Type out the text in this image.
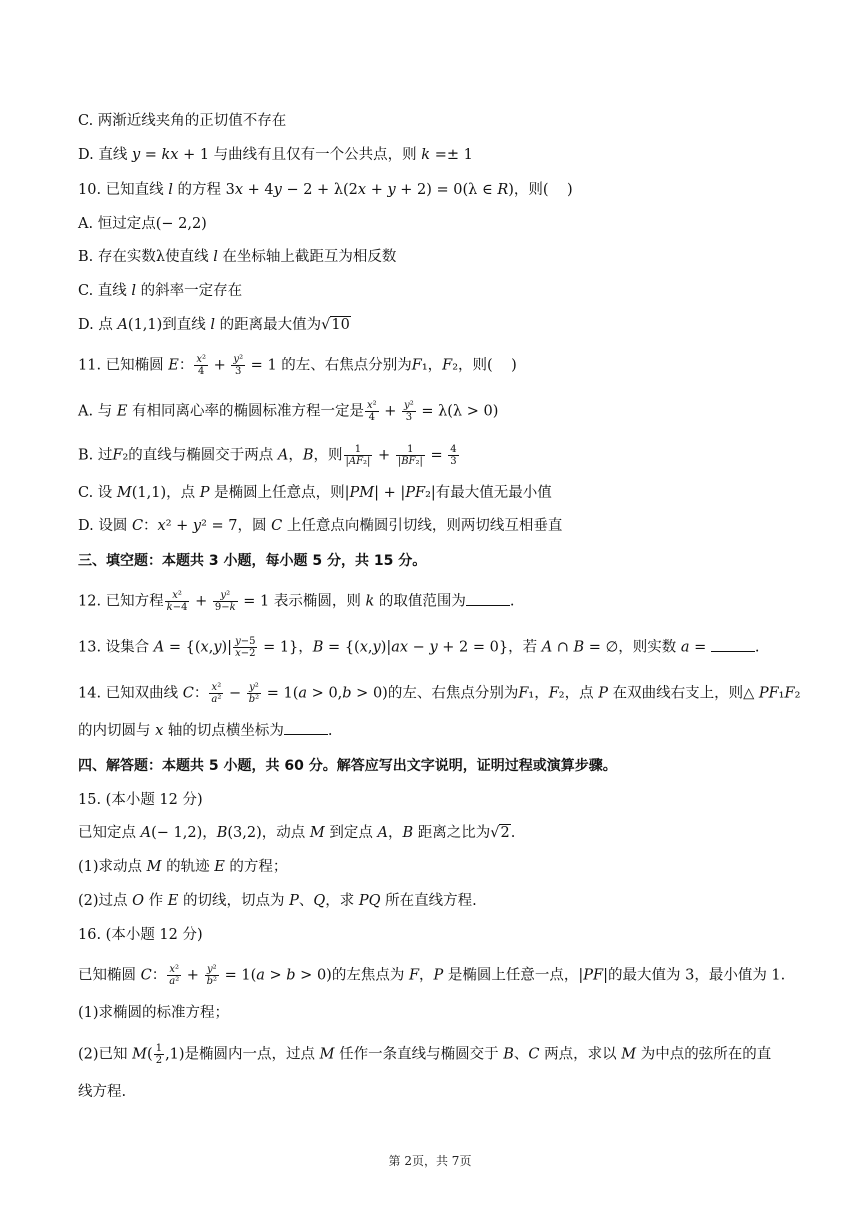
C. 两渐近线夹角的正切值不存在
D. 直线 y = kx + 1 与曲线有且仅有一个公共点，则 k =± 1
10. 已知直线 l 的方程 3x + 4y − 2 + λ(2x + y + 2) = 0(λ ∈ R)，则(    )
A. 恒过定点(− 2,2)
B. 存在实数λ使直线 l 在坐标轴上截距互为相反数
C. 直线 l 的斜率一定存在
D. 点 A(1,1)到直线 l 的距离最大值为√10
11. 已知椭圆 E： $\frac{\text{x²}}{4} + \frac{\text{y²}}{3} = 1$ 的左、右焦点分别为F₁，F₂，则(    )
A. 与 E 有相同离心率的椭圆标准方程一定是 $\frac{\text{x²}}{4} + \frac{\text{y²}}{3} = \lambda(\lambda > 0)$
B. 过F₂的直线与椭圆交于两点 A，B，则 $\frac{1}{\text{|AF₂|}} + \frac{1}{\text{|BF₂|}} = \frac{4}{3}$
C. 设 M(1,1)，点 P 是椭圆上任意点，则|PM| + |PF₂|有最大值无最小值
D. 设圆 C：x² + y² = 7，圆 C 上任意点向椭圆引切线，则两切线互相垂直
三、填空题：本题共 3 小题，每小题 5 分，共 15 分。
12. 已知方程 $\frac{\text{x²}}{k-4} + \frac{\text{y²}}{9-k} = 1$ 表示椭圆，则 k 的取值范围为	.
13. 设集合 $A = \{(x,y)| \frac{y-5}{x-2} = 1\}$，B = {(x,y)|ax − y + 2 = 0}，若 A ∩ B = ∅，则实数 a =	.
14. 已知双曲线 C： $\frac{\text{x²}}{\text{a²}} - \frac{\text{y²}}{\text{b²}} = 1(a > 0,b > 0)$的左、右焦点分别为F₁，F₂，点 P 在双曲线右支上，则△ PF₁F₂
的内切圆与 x 轴的切点横坐标为	.
四、解答题：本题共 5 小题，共 60 分。解答应写出文字说明，证明过程或演算步骤。
15. (本小题 12 分)
已知定点 A(− 1,2)，B(3,2)，动点 M 到定点 A，B 距离之比为√2.
(1)求动点 M 的轨迹 E 的方程；
(2)过点 O 作 E 的切线，切点为 P、Q，求 PQ 所在直线方程.
16. (本小题 12 分)
已知椭圆 C： $\frac{\text{x²}}{\text{a²}} + \frac{\text{y²}}{\text{b²}} = 1(a > b > 0)$的左焦点为 F，P 是椭圆上任意一点，|PF|的最大值为 3，最小值为 1.
(1)求椭圆的标准方程；
(2)已知 $M( \frac{1}{2} ,1)$是椭圆内一点，过点 M 任作一条直线与椭圆交于 B、C 两点，求以 M 为中点的弦所在的直
线方程.
第 2页，共 7页
